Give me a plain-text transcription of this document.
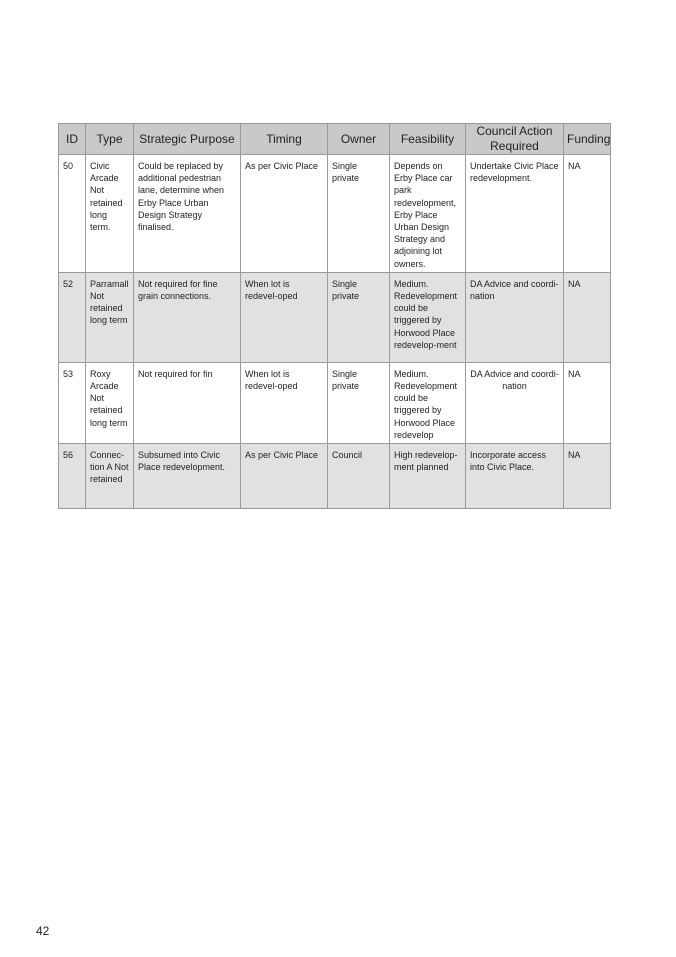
ID	Type	Strategic Purpose	Timing	Owner	Feasibility	Council Action Required	Funding
50	Civic Arcade Not retained long term.	Could be replaced by additional pedestrian lane, determine when Erby Place Urban Design Strategy finalised.	As per Civic Place	Single private	Depends on Erby Place car park redevelopment, Erby Place Urban Design Strategy and adjoining lot owners.	Undertake Civic Place redevelopment.	NA
52	Parramall Not retained long term	Not required for fine grain connections.	When lot is redevel-oped	Single private	Medium. Redevelopment could be triggered by Horwood Place redevelop-ment	DA Advice and coordi-nation	NA
53	Roxy Arcade Not retained long term	Not required for fin	When lot is redevel-oped	Single private	Medium. Redevelopment could be triggered by Horwood Place redevelop	DA Advice and coordi-nation	NA
56	Connec-tion A Not retained	Subsumed into Civic Place redevelopment.	As per Civic Place	Council	High redevelop-ment planned	Incorporate access into Civic Place.	NA
42
